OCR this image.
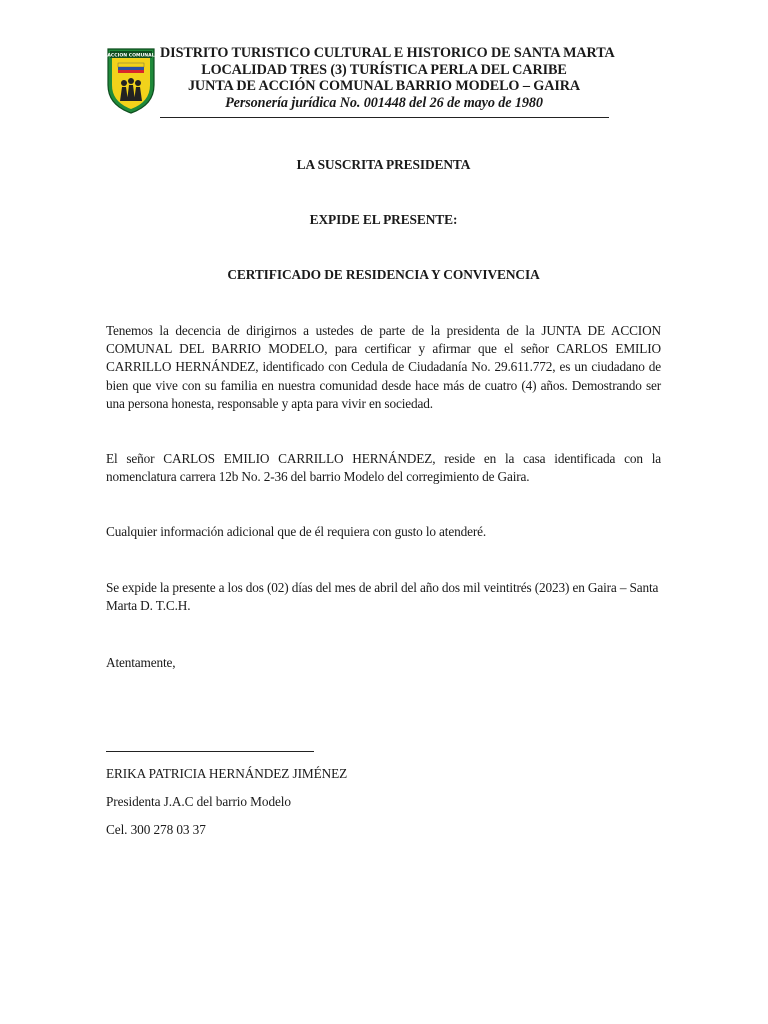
ACCION COMUNAL DISTRITO TURISTICO CULTURAL E HISTORICO DE SANTA MARTA
LOCALIDAD TRES (3) TURÍSTICA PERLA DEL CARIBE
JUNTA DE ACCIÓN COMUNAL BARRIO MODELO – GAIRA
Personería jurídica No. 001448 del 26 de mayo de 1980
LA SUSCRITA PRESIDENTA
EXPIDE EL PRESENTE:
CERTIFICADO DE RESIDENCIA Y CONVIVENCIA
Tenemos la decencia de dirigirnos a ustedes de parte de la presidenta de la JUNTA DE ACCION COMUNAL DEL BARRIO MODELO, para certificar y afirmar que el señor CARLOS EMILIO CARRILLO HERNÁNDEZ, identificado con Cedula de Ciudadanía No. 29.611.772, es un ciudadano de bien que vive con su familia en nuestra comunidad desde hace más de cuatro (4) años. Demostrando ser una persona honesta, responsable y apta para vivir en sociedad.
El señor CARLOS EMILIO CARRILLO HERNÁNDEZ, reside en la casa identificada con la nomenclatura carrera 12b No. 2-36 del barrio Modelo del corregimiento de Gaira.
Cualquier información adicional que de él requiera con gusto lo atenderé.
Se expide la presente a los dos (02) días del mes de abril del año dos mil veintitrés (2023) en Gaira – Santa Marta D. T.C.H.
Atentamente,
ERIKA PATRICIA HERNÁNDEZ JIMÉNEZ
Presidenta J.A.C del barrio Modelo
Cel. 300 278 03 37
